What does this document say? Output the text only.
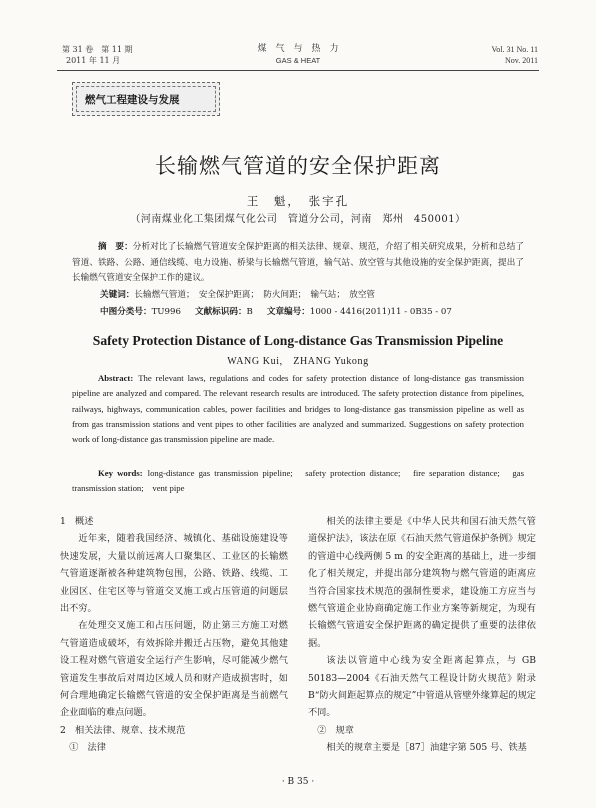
第 31 卷　第 11 期
2011 年 11 月
煤　气　与　热　力
GAS & HEAT
Vol. 31 No. 11
Nov. 2011
燃气工程建设与发展
长输燃气管道的安全保护距离
王　魁，　张宇孔
（河南煤业化工集团煤气化公司　管道分公司，河南　郑州　450001）
摘　要：分析对比了长输燃气管道安全保护距离的相关法律、规章、规范，介绍了相关研究成果，分析和总结了管道、铁路、公路、通信线缆、电力设施、桥梁与长输燃气管道，输气站、放空管与其他设施的安全保护距离，提出了长输燃气管道安全保护工作的建议。
关键词：长输燃气管道；　安全保护距离；　防火间距；　输气站；　放空管
中图分类号：TU996 文献标识码：B 文章编号：1000 - 4416(2011)11 - 0B35 - 07
Safety Protection Distance of Long-distance Gas Transmission Pipeline
WANG Kui,　ZHANG Yukong
Abstract: The relevant laws, regulations and codes for safety protection distance of long-distance gas transmission pipeline are analyzed and compared. The relevant research results are introduced. The safety protection distance from pipelines, railways, highways, communication cables, power facilities and bridges to long-distance gas transmission pipeline as well as from gas transmission stations and vent pipes to other facilities are analyzed and summarized. Suggestions on safety protection work of long-distance gas transmission pipeline are made.
Key words: long-distance gas transmission pipeline;　safety protection distance;　fire separation distance;　gas transmission station;　vent pipe

1　概述

近年来，随着我国经济、城镇化、基础设施建设等快速发展，大量以前远离人口聚集区、工业区的长输燃气管道逐渐被各种建筑物包围，公路、铁路、线缆、工业园区、住宅区等与管道交叉施工或占压管道的问题层出不穷。

在处理交叉施工和占压问题，防止第三方施工对燃气管道造成破坏，有效拆除并搬迁占压物，避免其他建设工程对燃气管道安全运行产生影响，尽可能减少燃气管道发生事故后对周边区域人员和财产造成损害时，如何合理地确定长输燃气管道的安全保护距离是当前燃气企业面临的难点问题。

2　相关法律、规章、技术规范

①　法律

相关的法律主要是《中华人民共和国石油天然气管道保护法》，该法在原《石油天然气管道保护条例》规定的管道中心线两侧 5 m 的安全距离的基础上，进一步细化了相关规定，并提出部分建筑物与燃气管道的距离应当符合国家技术规范的强制性要求，建设施工方应当与燃气管道企业协商确定施工作业方案等新规定，为现有长输燃气管道安全保护距离的确定提供了重要的法律依据。

该法以管道中心线为安全距离起算点，与 GB 50183—2004《石油天然气工程设计防火规范》附录 B“防火间距起算点的规定”中管道从管壁外缘算起的规定不同。

②　规章

相关的规章主要是［87］油建字第 505 号、铁基

· B 35 ·
